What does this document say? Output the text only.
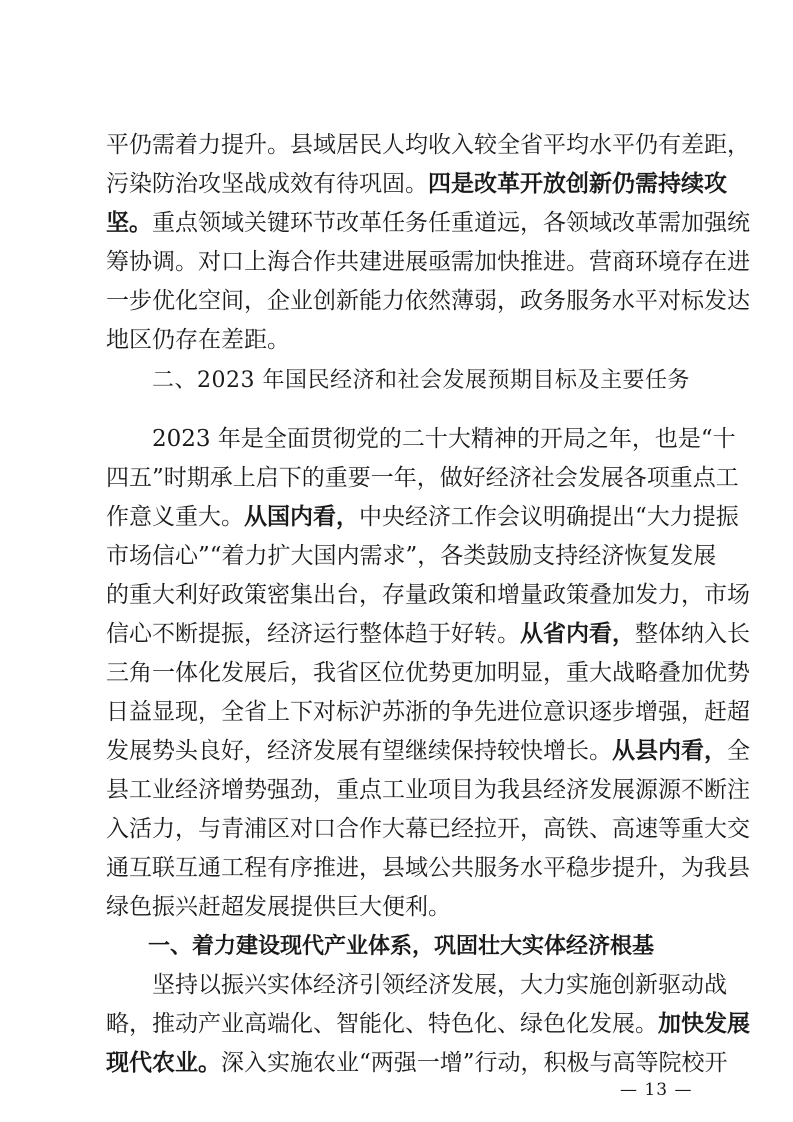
平仍需着力提升。县域居民人均收入较全省平均水平仍有差距，
污染防治攻坚战成效有待巩固。四是改革开放创新仍需持续攻
坚。重点领域关键环节改革任务任重道远，各领域改革需加强统
筹协调。对口上海合作共建进展亟需加快推进。营商环境存在进
一步优化空间，企业创新能力依然薄弱，政务服务水平对标发达
地区仍存在差距。
二、2023 年国民经济和社会发展预期目标及主要任务
2023 年是全面贯彻党的二十大精神的开局之年，也是“十
四五”时期承上启下的重要一年，做好经济社会发展各项重点工
作意义重大。从国内看，中央经济工作会议明确提出“大力提振
市场信心”“着力扩大国内需求”，各类鼓励支持经济恢复发展
的重大利好政策密集出台，存量政策和增量政策叠加发力，市场
信心不断提振，经济运行整体趋于好转。从省内看，整体纳入长
三角一体化发展后，我省区位优势更加明显，重大战略叠加优势
日益显现，全省上下对标沪苏浙的争先进位意识逐步增强，赶超
发展势头良好，经济发展有望继续保持较快增长。从县内看，全
县工业经济增势强劲，重点工业项目为我县经济发展源源不断注
入活力，与青浦区对口合作大幕已经拉开，高铁、高速等重大交
通互联互通工程有序推进，县域公共服务水平稳步提升，为我县
绿色振兴赶超发展提供巨大便利。
一、着力建设现代产业体系，巩固壮大实体经济根基
坚持以振兴实体经济引领经济发展，大力实施创新驱动战
略，推动产业高端化、智能化、特色化、绿色化发展。加快发展
现代农业。深入实施农业“两强一增”行动，积极与高等院校开
— 13 —
